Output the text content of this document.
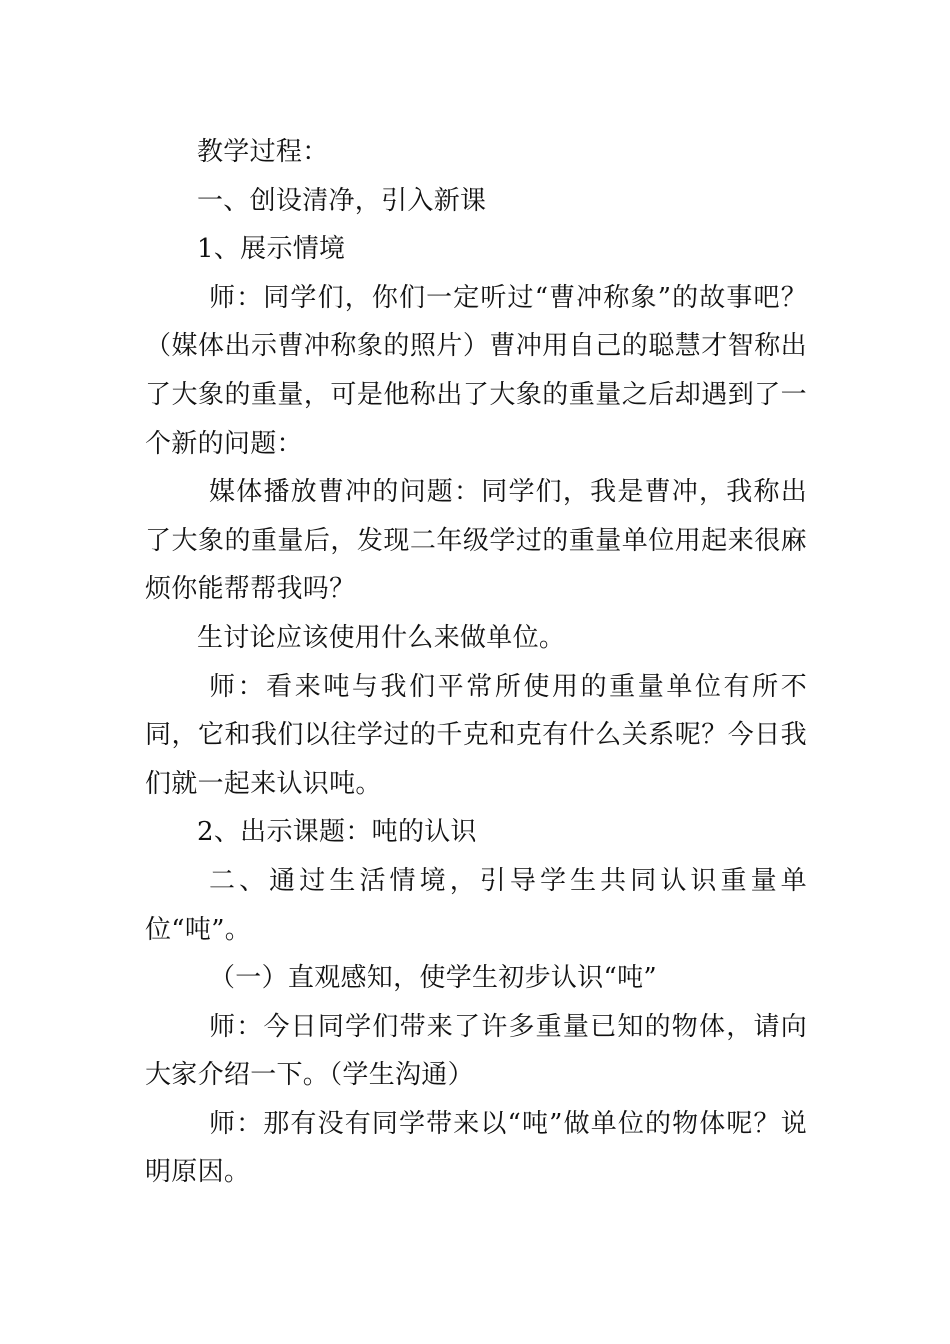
教学过程：

一、创设清净，引入新课

1、展示情境

师：同学们，你们一定听过“曹冲称象”的故事吧？（媒体出示曹冲称象的照片）曹冲用自己的聪慧才智称出了大象的重量，可是他称出了大象的重量之后却遇到了一个新的问题：

媒体播放曹冲的问题：同学们，我是曹冲，我称出了大象的重量后，发现二年级学过的重量单位用起来很麻烦你能帮帮我吗？

生讨论应该使用什么来做单位。

师：看来吨与我们平常所使用的重量单位有所不同，它和我们以往学过的千克和克有什么关系呢？今日我们就一起来认识吨。

2、出示课题：吨的认识

二、通过生活情境，引导学生共同认识重量单位“吨”。

（一）直观感知，使学生初步认识“吨”

师：今日同学们带来了许多重量已知的物体，请向大家介绍一下。（学生沟通）

师：那有没有同学带来以“吨”做单位的物体呢？说明原因。
